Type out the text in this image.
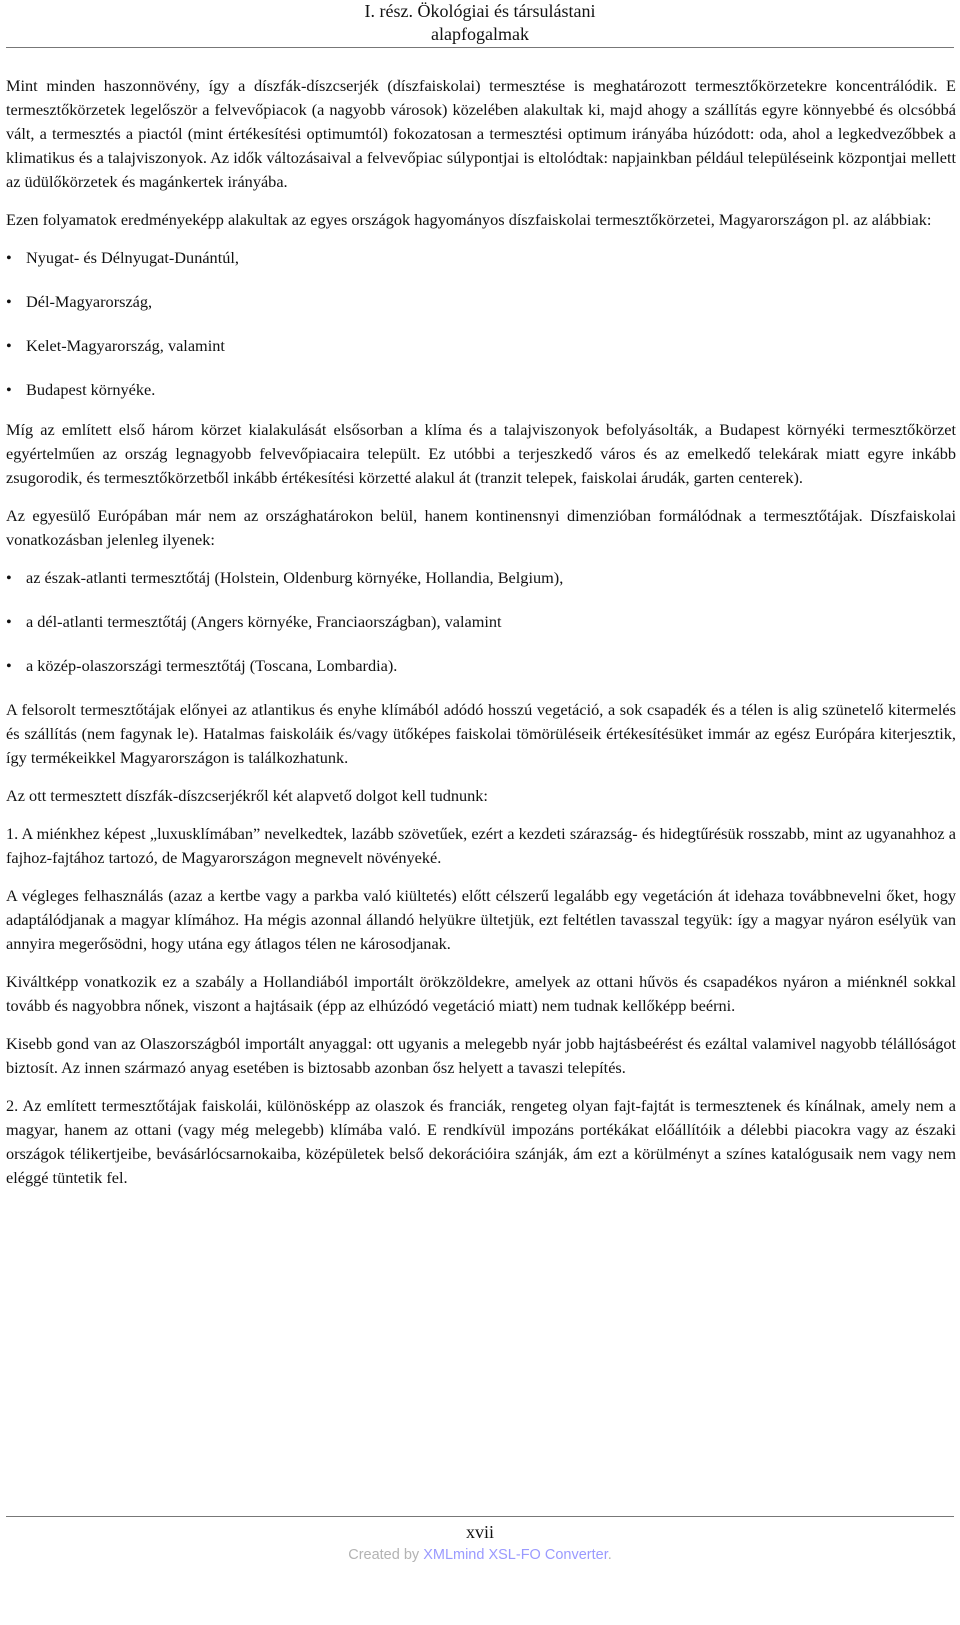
I. rész. Ökológiai és társulástani
alapfogalmak

Mint minden haszonnövény, így a díszfák-díszcserjék (díszfaiskolai) termesztése is meghatározott termesztőkörzetekre koncentrálódik. E termesztőkörzetek legelőször a felvevőpiacok (a nagyobb városok) közelében alakultak ki, majd ahogy a szállítás egyre könnyebbé és olcsóbbá vált, a termesztés a piactól (mint értékesítési optimumtól) fokozatosan a termesztési optimum irányába húzódott: oda, ahol a legkedvezőbbek a klimatikus és a talajviszonyok. Az idők változásaival a felvevőpiac súlypontjai is eltolódtak: napjainkban például településeink központjai mellett az üdülőkörzetek és magánkertek irányába.

Ezen folyamatok eredményeképp alakultak az egyes országok hagyományos díszfaiskolai termesztőkörzetei, Magyarországon pl. az alábbiak:

• Nyugat- és Délnyugat-Dunántúl,
• Dél-Magyarország,
• Kelet-Magyarország, valamint
• Budapest környéke.

Míg az említett első három körzet kialakulását elsősorban a klíma és a talajviszonyok befolyásolták, a Budapest környéki termesztőkörzet egyértelműen az ország legnagyobb felvevőpiacaira települt. Ez utóbbi a terjeszkedő város és az emelkedő telekárak miatt egyre inkább zsugorodik, és termesztőkörzetből inkább értékesítési körzetté alakul át (tranzit telepek, faiskolai árudák, garten centerek).

Az egyesülő Európában már nem az országhatárokon belül, hanem kontinensnyi dimenzióban formálódnak a termesztőtájak. Díszfaiskolai vonatkozásban jelenleg ilyenek:

• az észak-atlanti termesztőtáj (Holstein, Oldenburg környéke, Hollandia, Belgium),
• a dél-atlanti termesztőtáj (Angers környéke, Franciaországban), valamint
• a közép-olaszországi termesztőtáj (Toscana, Lombardia).

A felsorolt termesztőtájak előnyei az atlantikus és enyhe klímából adódó hosszú vegetáció, a sok csapadék és a télen is alig szünetelő kitermelés és szállítás (nem fagynak le). Hatalmas faiskoláik és/vagy ütőképes faiskolai tömörüléseik értékesítésüket immár az egész Európára kiterjesztik, így termékeikkel Magyarországon is találkozhatunk.

Az ott termesztett díszfák-díszcserjékről két alapvető dolgot kell tudnunk:

1. A miénkhez képest „luxusklímában” nevelkedtek, lazább szövetűek, ezért a kezdeti szárazság- és hidegtűrésük rosszabb, mint az ugyanahhoz a fajhoz-fajtához tartozó, de Magyarországon megnevelt növényeké.

A végleges felhasználás (azaz a kertbe vagy a parkba való kiültetés) előtt célszerű legalább egy vegetáción át idehaza továbbnevelni őket, hogy adaptálódjanak a magyar klímához. Ha mégis azonnal állandó helyükre ültetjük, ezt feltétlen tavasszal tegyük: így a magyar nyáron esélyük van annyira megerősödni, hogy utána egy átlagos télen ne károsodjanak.

Kiváltképp vonatkozik ez a szabály a Hollandiából importált örökzöldekre, amelyek az ottani hűvös és csapadékos nyáron a miénknél sokkal tovább és nagyobbra nőnek, viszont a hajtásaik (épp az elhúzódó vegetáció miatt) nem tudnak kellőképp beérni.

Kisebb gond van az Olaszországból importált anyaggal: ott ugyanis a melegebb nyár jobb hajtásbeérést és ezáltal valamivel nagyobb télállóságot biztosít. Az innen származó anyag esetében is biztosabb azonban ősz helyett a tavaszi telepítés.

2. Az említett termesztőtájak faiskolái, különösképp az olaszok és franciák, rengeteg olyan fajt-fajtát is termesztenek és kínálnak, amely nem a magyar, hanem az ottani (vagy még melegebb) klímába való. E rendkívül impozáns portékákat előállítóik a délebbi piacokra vagy az északi országok télikertjeibe, bevásárlócsarnokaiba, középületek belső dekorációira szánják, ám ezt a körülményt a színes katalógusaik nem vagy nem eléggé tüntetik fel.

xvii
Created by XMLmind XSL-FO Converter.
